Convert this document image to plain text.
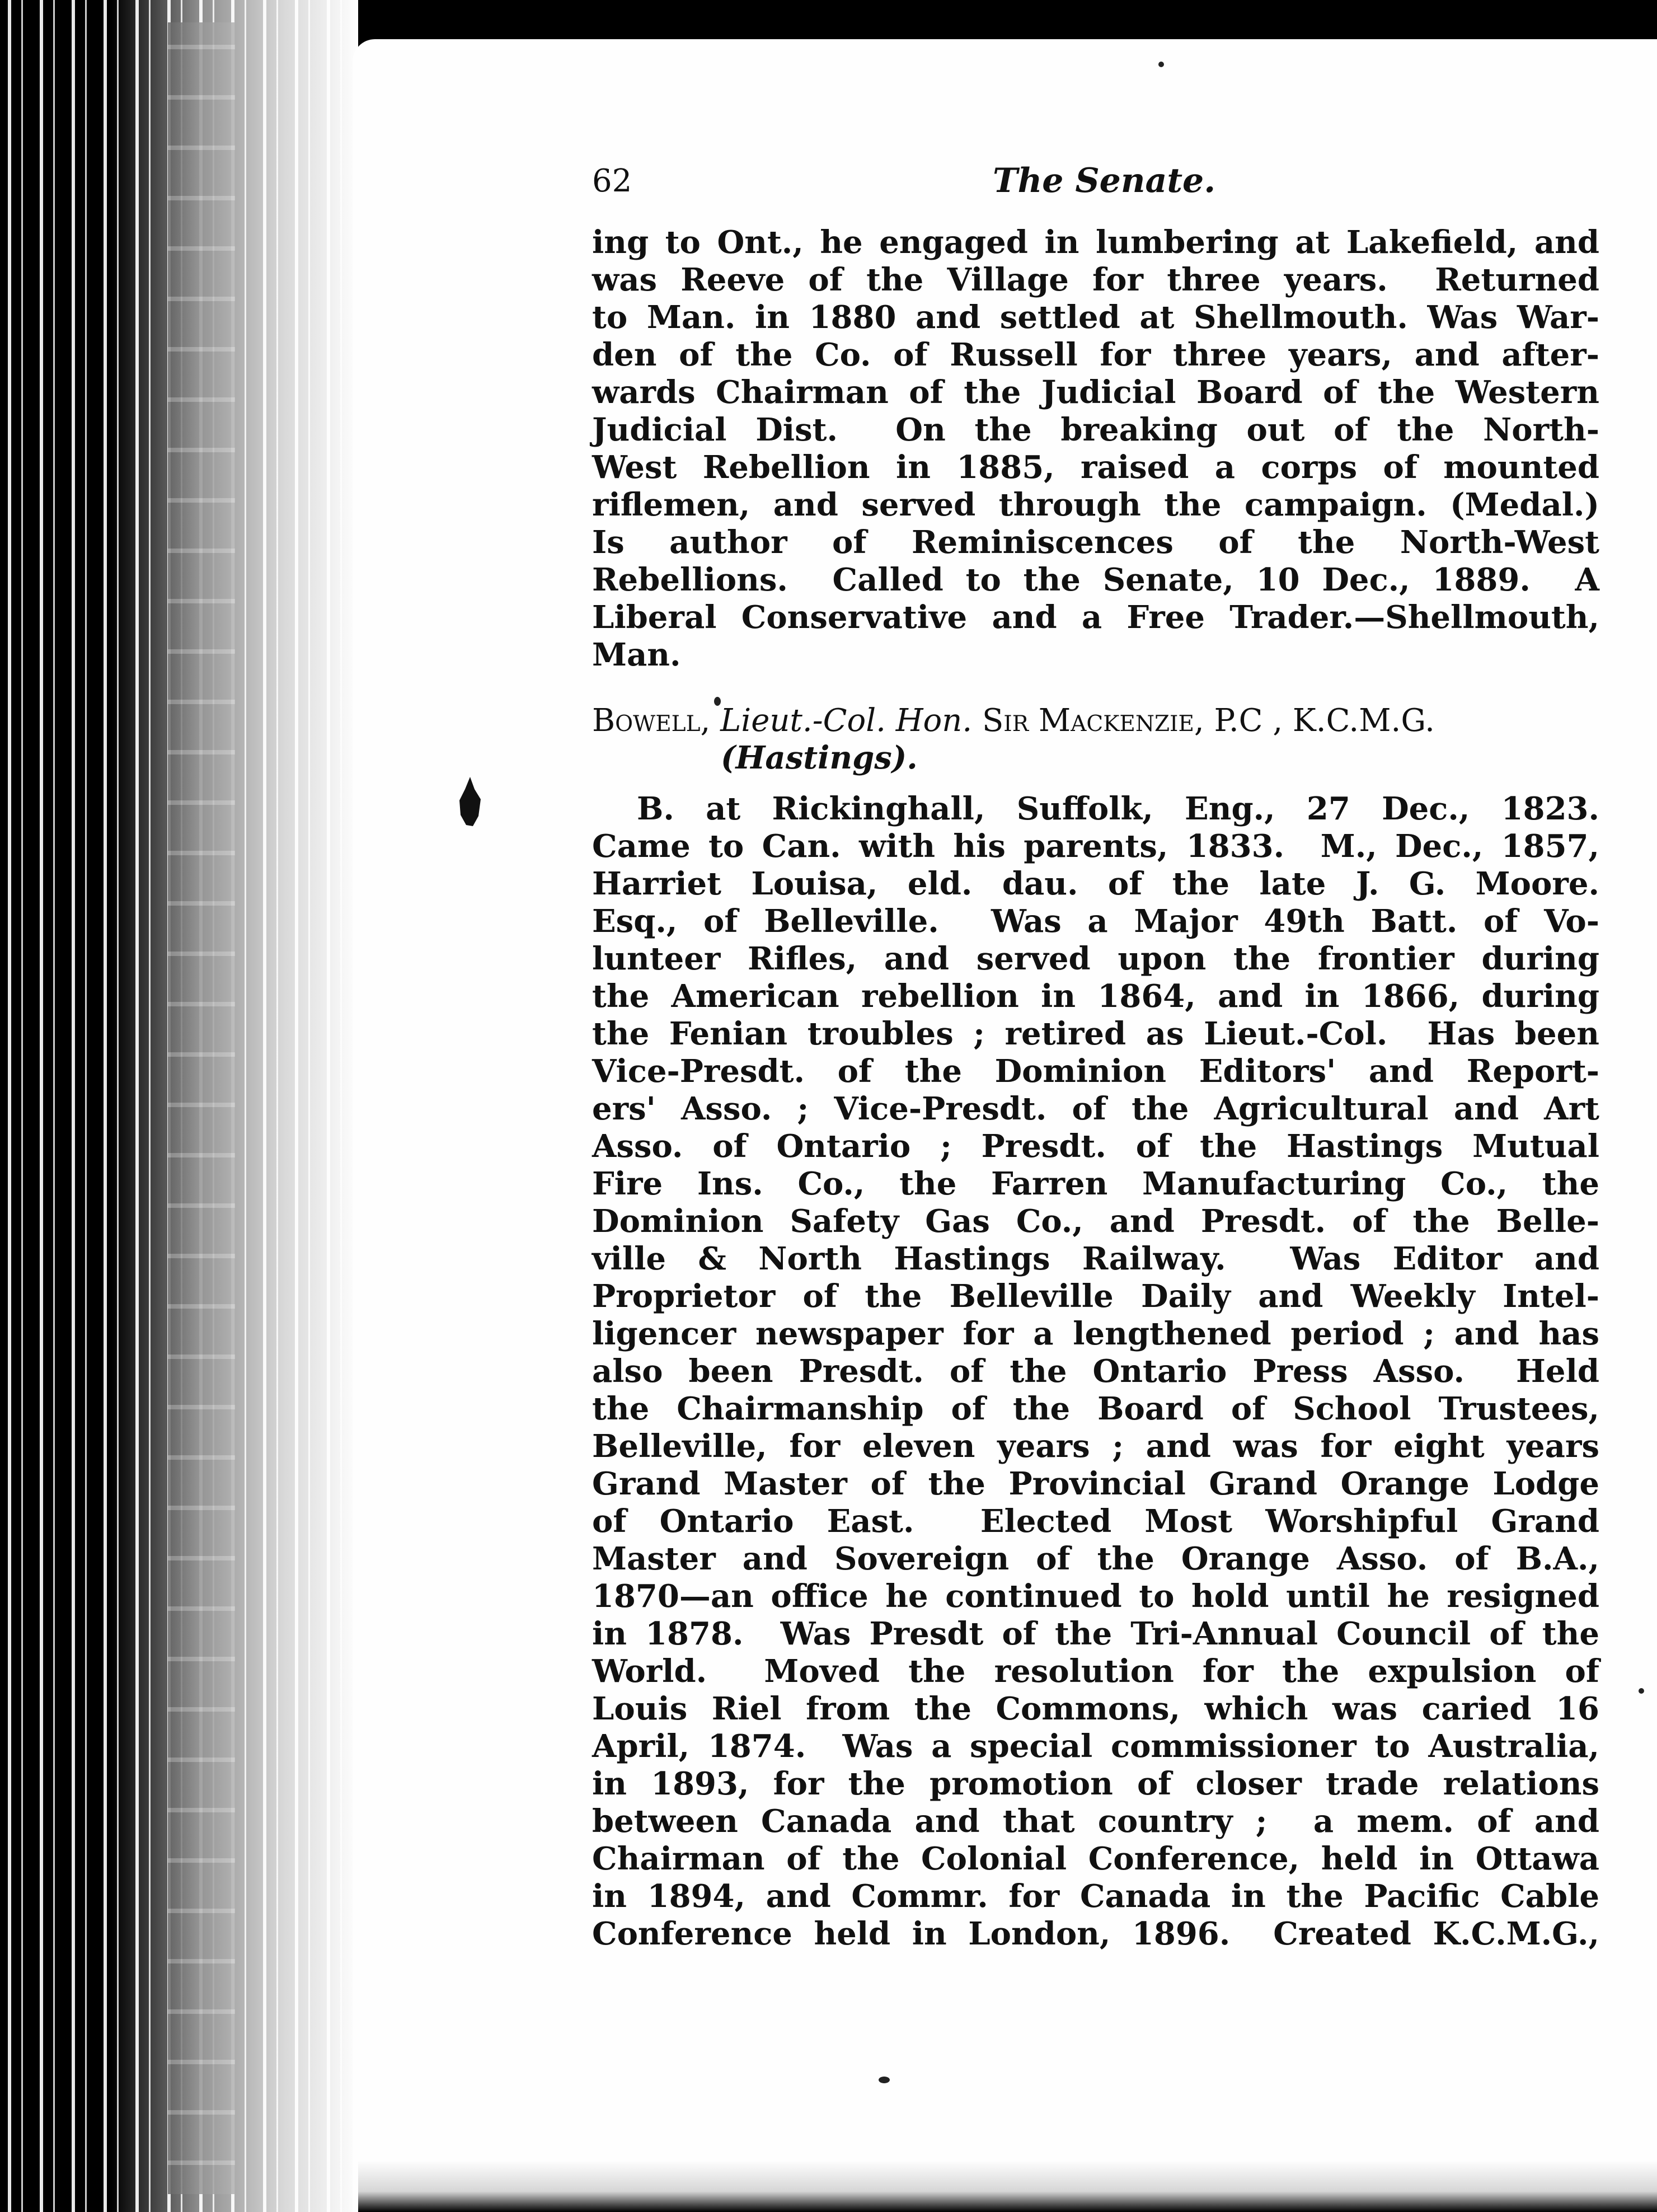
62	The Senate.
ing to Ont., he engaged in lumbering at Lakefield, and
was Reeve of the Village for three years.  Returned
to Man. in 1880 and settled at Shellmouth. Was War-
den of the Co. of Russell for three years, and after-
wards Chairman of the Judicial Board of the Western
Judicial Dist.  On the breaking out of the North-
West Rebellion in 1885, raised a corps of mounted
riflemen, and served through the campaign. (Medal.)
Is author of Reminiscences of the North-West
Rebellions.  Called to the Senate, 10 Dec., 1889.  A
Liberal Conservative and a Free Trader.—Shellmouth,
Man.
Bowell, Lieut.-Col. Hon. Sir Mackenzie, P.C , K.C.M.G.
(Hastings).
B. at Rickinghall, Suffolk, Eng., 27 Dec., 1823.
Came to Can. with his parents, 1833.  M., Dec., 1857,
Harriet Louisa, eld. dau. of the late J. G. Moore.
Esq., of Belleville.  Was a Major 49th Batt. of Vo-
lunteer Rifles, and served upon the frontier during
the American rebellion in 1864, and in 1866, during
the Fenian troubles ; retired as Lieut.-Col.  Has been
Vice-Presdt. of the Dominion Editors' and Report-
ers' Asso. ; Vice-Presdt. of the Agricultural and Art
Asso. of Ontario ; Presdt. of the Hastings Mutual
Fire Ins. Co., the Farren Manufacturing Co., the
Dominion Safety Gas Co., and Presdt. of the Belle-
ville & North Hastings Railway.  Was Editor and
Proprietor of the Belleville Daily and Weekly Intel-
ligencer newspaper for a lengthened period ; and has
also been Presdt. of the Ontario Press Asso.  Held
the Chairmanship of the Board of School Trustees,
Belleville, for eleven years ; and was for eight years
Grand Master of the Provincial Grand Orange Lodge
of Ontario East.  Elected Most Worshipful Grand
Master and Sovereign of the Orange Asso. of B.A.,
1870—an office he continued to hold until he resigned
in 1878.  Was Presdt of the Tri-Annual Council of the
World.  Moved the resolution for the expulsion of
Louis Riel from the Commons, which was caried 16
April, 1874.  Was a special commissioner to Australia,
in 1893, for the promotion of closer trade relations
between Canada and that country ;  a mem. of and
Chairman of the Colonial Conference, held in Ottawa
in 1894, and Commr. for Canada in the Pacific Cable
Conference held in London, 1896.  Created K.C.M.G.,
